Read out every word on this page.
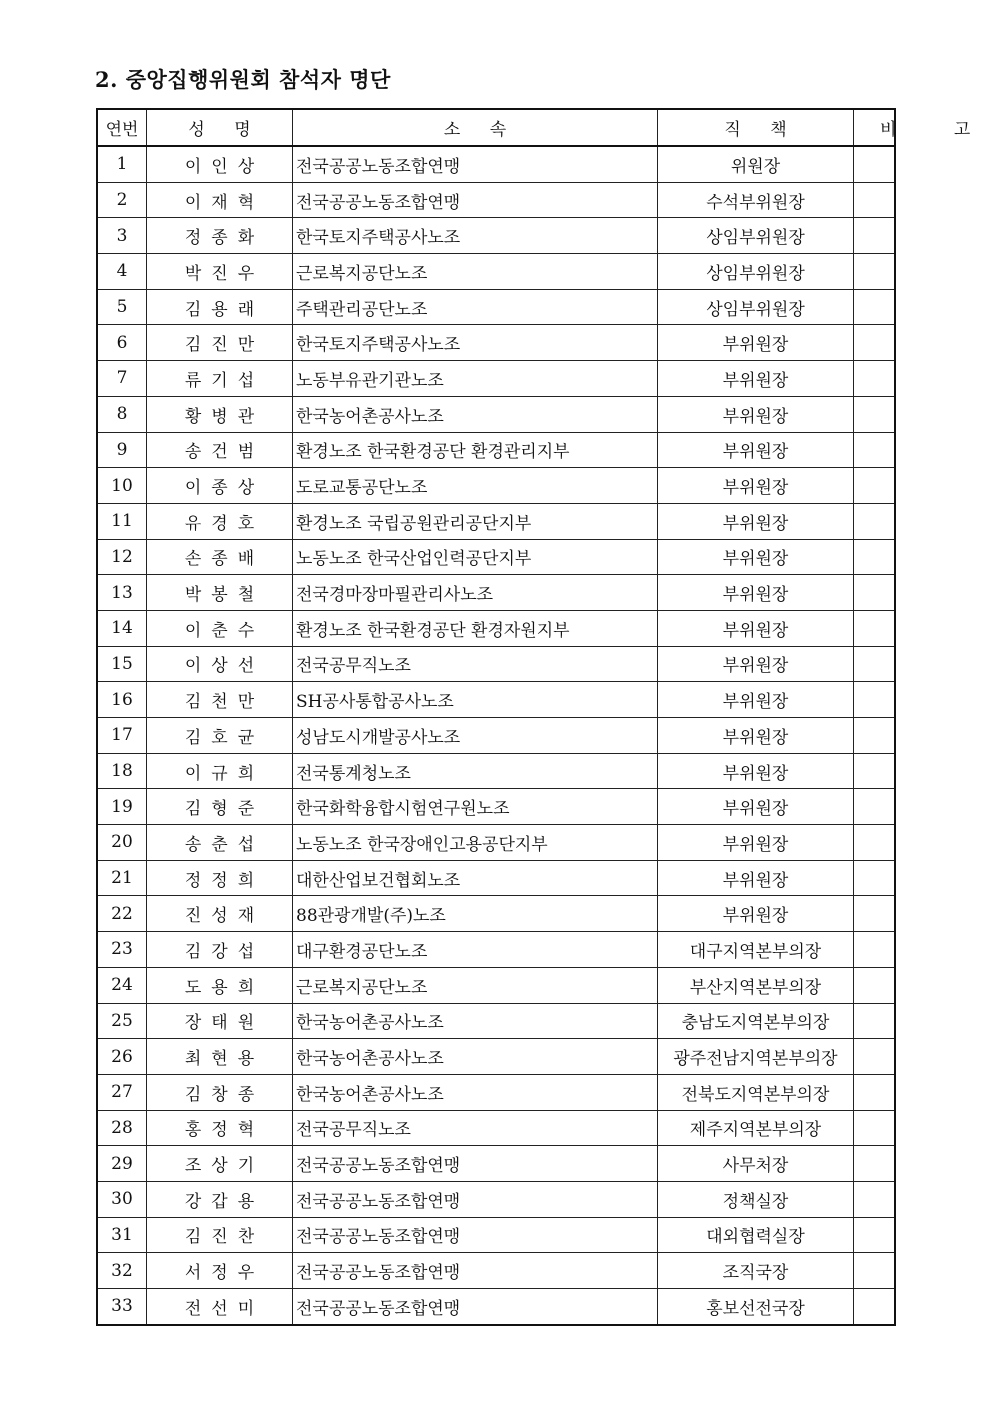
2. 중앙집행위원회 참석자 명단
연번	성 명	소 속	직 책	비 고
1	이인상	전국공공노동조합연맹	위원장	
2	이재혁	전국공공노동조합연맹	수석부위원장	
3	정종화	한국토지주택공사노조	상임부위원장	
4	박진우	근로복지공단노조	상임부위원장	
5	김용래	주택관리공단노조	상임부위원장	
6	김진만	한국토지주택공사노조	부위원장	
7	류기섭	노동부유관기관노조	부위원장	
8	황병관	한국농어촌공사노조	부위원장	
9	송건범	환경노조 한국환경공단 환경관리지부	부위원장	
10	이종상	도로교통공단노조	부위원장	
11	유경호	환경노조 국립공원관리공단지부	부위원장	
12	손종배	노동노조 한국산업인력공단지부	부위원장	
13	박봉철	전국경마장마필관리사노조	부위원장	
14	이춘수	환경노조 한국환경공단 환경자원지부	부위원장	
15	이상선	전국공무직노조	부위원장	
16	김천만	SH공사통합공사노조	부위원장	
17	김호균	성남도시개발공사노조	부위원장	
18	이규희	전국통계청노조	부위원장	
19	김형준	한국화학융합시험연구원노조	부위원장	
20	송춘섭	노동노조 한국장애인고용공단지부	부위원장	
21	정정희	대한산업보건협회노조	부위원장	
22	진성재	88관광개발(주)노조	부위원장	
23	김강섭	대구환경공단노조	대구지역본부의장	
24	도용희	근로복지공단노조	부산지역본부의장	
25	장태원	한국농어촌공사노조	충남도지역본부의장	
26	최현용	한국농어촌공사노조	광주전남지역본부의장	
27	김창종	한국농어촌공사노조	전북도지역본부의장	
28	홍정혁	전국공무직노조	제주지역본부의장	
29	조상기	전국공공노동조합연맹	사무처장	
30	강갑용	전국공공노동조합연맹	정책실장	
31	김진찬	전국공공노동조합연맹	대외협력실장	
32	서정우	전국공공노동조합연맹	조직국장	
33	전선미	전국공공노동조합연맹	홍보선전국장	
